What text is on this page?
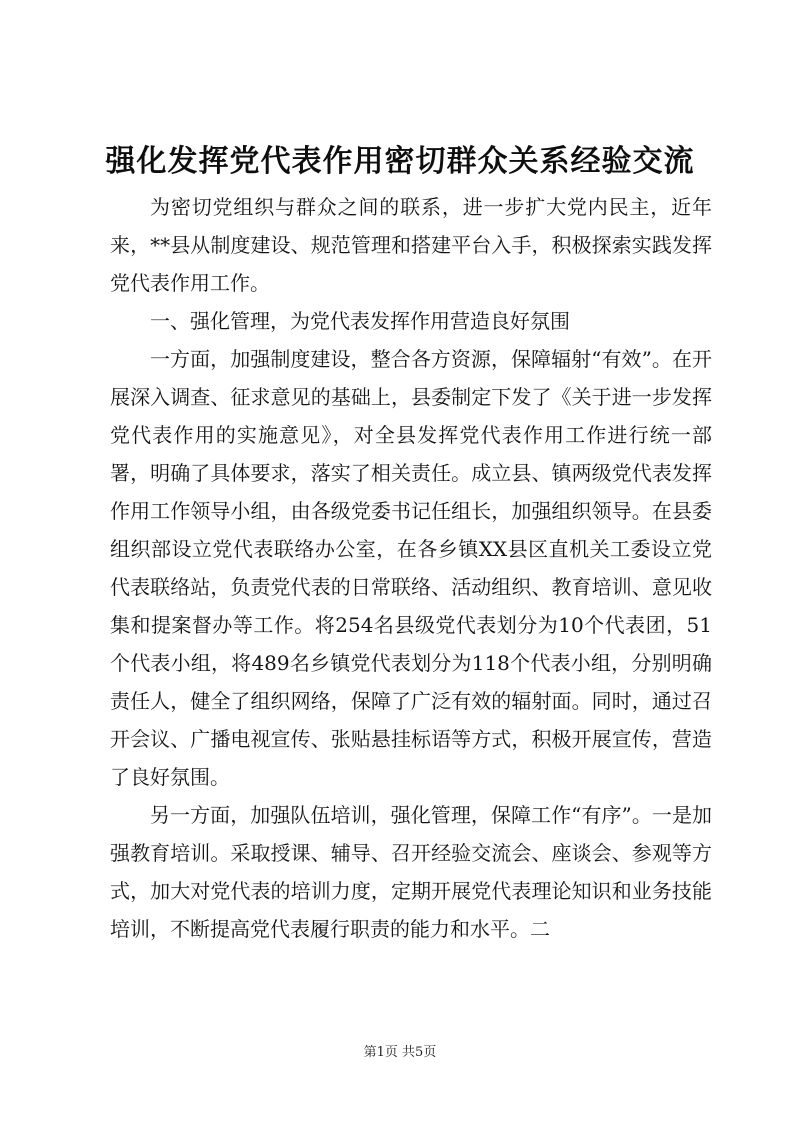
强化发挥党代表作用密切群众关系经验交流

为密切党组织与群众之间的联系，进一步扩大党内民主，近年来，**县从制度建设、规范管理和搭建平台入手，积极探索实践发挥党代表作用工作。

一、强化管理，为党代表发挥作用营造良好氛围

一方面，加强制度建设，整合各方资源，保障辐射“有效”。在开展深入调查、征求意见的基础上，县委制定下发了《关于进一步发挥党代表作用的实施意见》，对全县发挥党代表作用工作进行统一部署，明确了具体要求，落实了相关责任。成立县、镇两级党代表发挥作用工作领导小组，由各级党委书记任组长，加强组织领导。在县委组织部设立党代表联络办公室，在各乡镇XX县区直机关工委设立党代表联络站，负责党代表的日常联络、活动组织、教育培训、意见收集和提案督办等工作。将254名县级党代表划分为10个代表团，51个代表小组，将489名乡镇党代表划分为118个代表小组，分别明确责任人，健全了组织网络，保障了广泛有效的辐射面。同时，通过召开会议、广播电视宣传、张贴悬挂标语等方式，积极开展宣传，营造了良好氛围。

另一方面，加强队伍培训，强化管理，保障工作“有序”。一是加强教育培训。采取授课、辅导、召开经验交流会、座谈会、参观等方式，加大对党代表的培训力度，定期开展党代表理论知识和业务技能培训，不断提高党代表履行职责的能力和水平。二

第1页 共5页
